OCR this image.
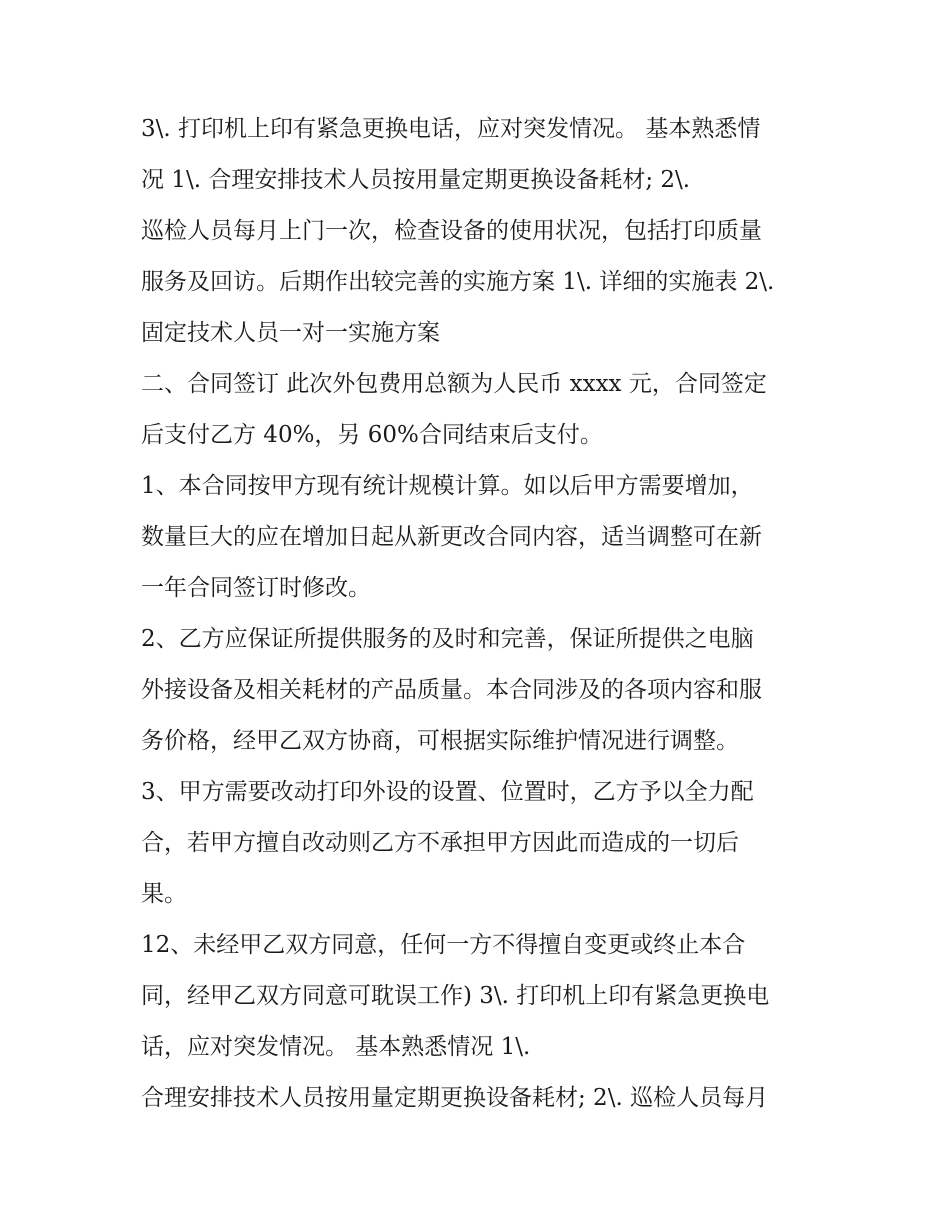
3\. 打印机上印有紧急更换电话，应对突发情况。 基本熟悉情

况 1\. 合理安排技术人员按用量定期更换设备耗材; 2\.

巡检人员每月上门一次，检查设备的使用状况，包括打印质量

服务及回访。后期作出较完善的实施方案 1\. 详细的实施表 2\.

固定技术人员一对一实施方案

二、合同签订 此次外包费用总额为人民币 xxxx 元，合同签定

后支付乙方 40%，另 60%合同结束后支付。

1、本合同按甲方现有统计规模计算。如以后甲方需要增加，

数量巨大的应在增加日起从新更改合同内容，适当调整可在新

一年合同签订时修改。

2、乙方应保证所提供服务的及时和完善，保证所提供之电脑

外接设备及相关耗材的产品质量。本合同涉及的各项内容和服

务价格，经甲乙双方协商，可根据实际维护情况进行调整。

3、甲方需要改动打印外设的设置、位置时，乙方予以全力配

合，若甲方擅自改动则乙方不承担甲方因此而造成的一切后

果。

12、未经甲乙双方同意，任何一方不得擅自变更或终止本合

同，经甲乙双方同意可耽误工作) 3\. 打印机上印有紧急更换电

话，应对突发情况。 基本熟悉情况 1\.

合理安排技术人员按用量定期更换设备耗材; 2\. 巡检人员每月
